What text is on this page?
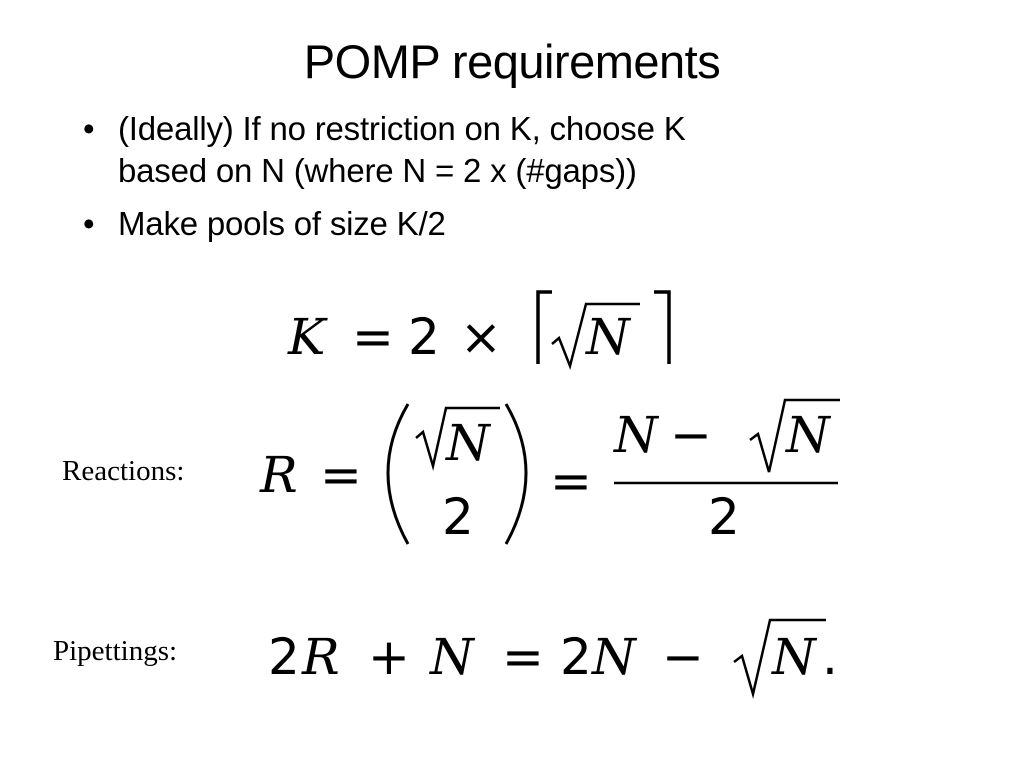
POMP requirements
• (Ideally) If no restriction on K, choose K
based on N (where N = 2 x (#gaps))
• Make pools of size K/2
K = 2 × N
Reactions: R =
N
2
=
N − N
2
Pipettings: 2 R + N = 2 N − N .
